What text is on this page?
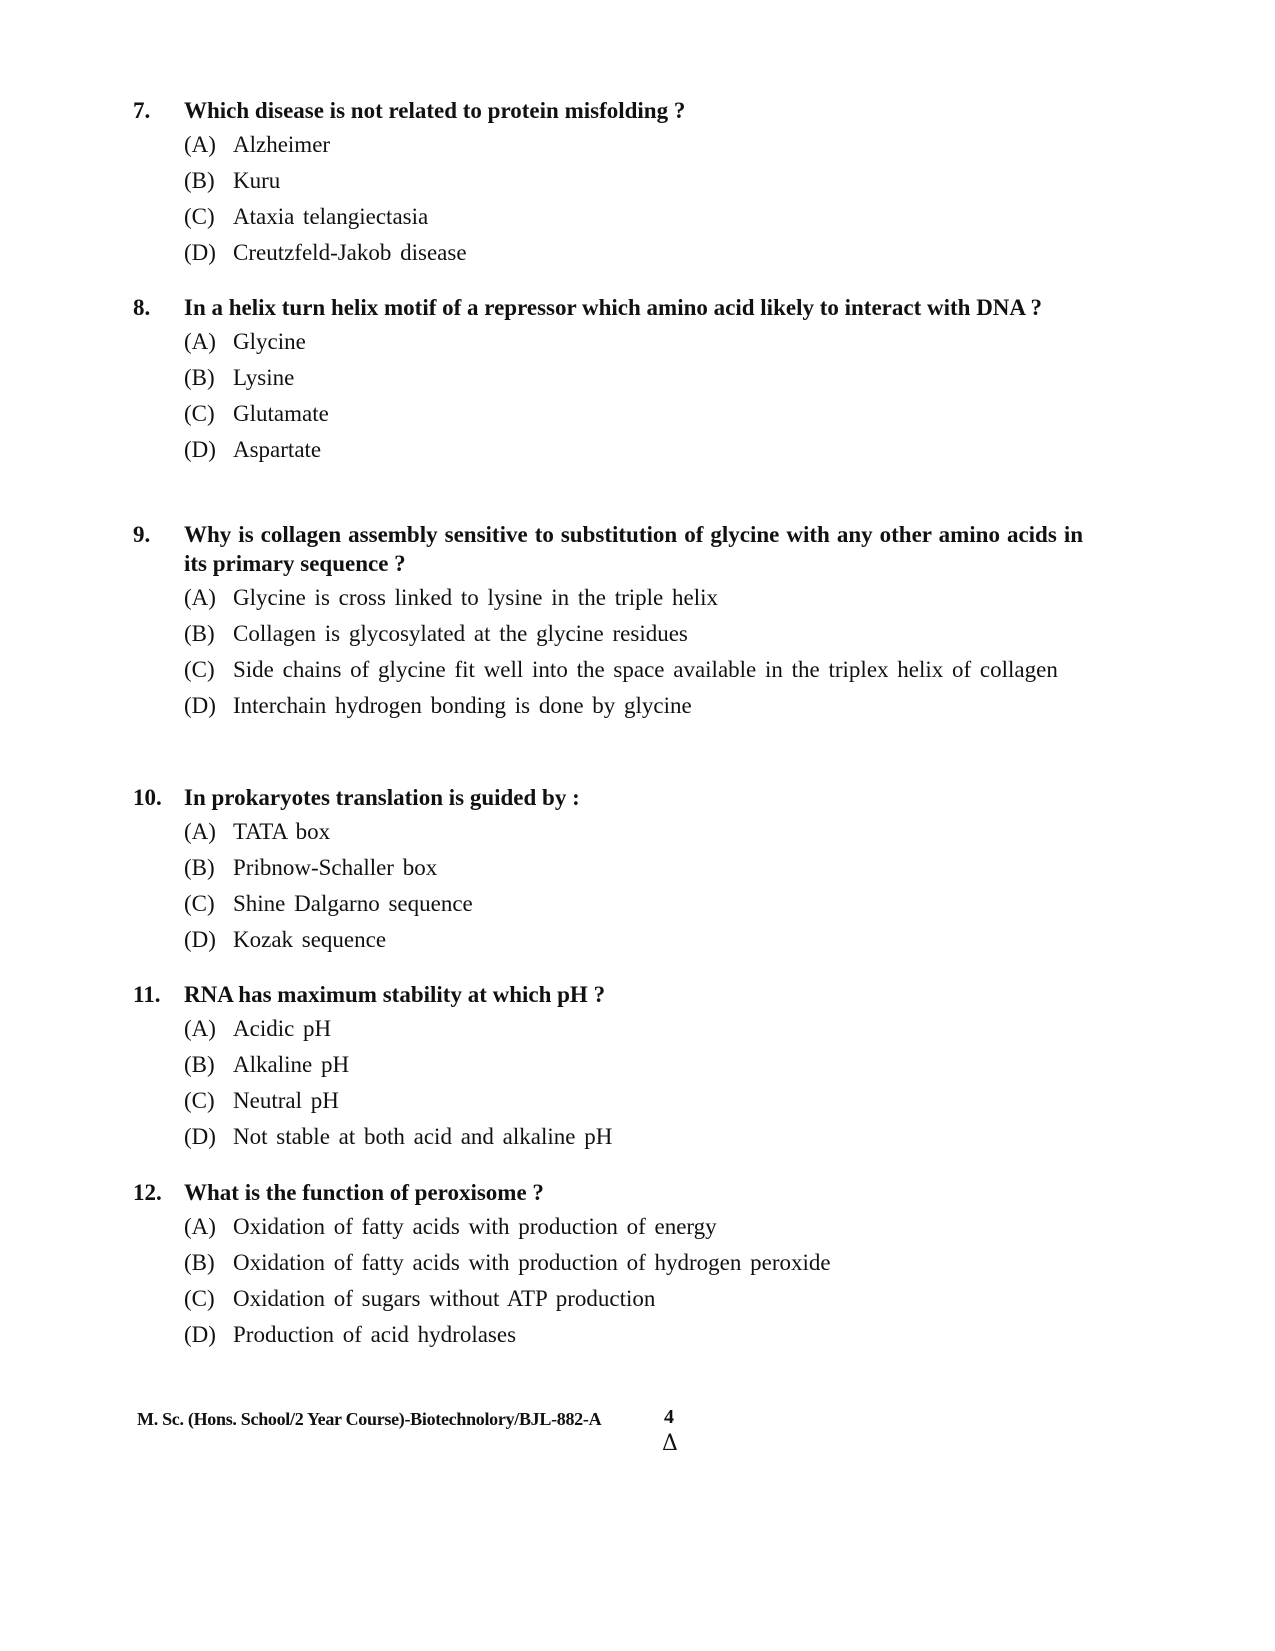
7.	Which disease is not related to protein misfolding ?
(A) Alzheimer
(B) Kuru
(C) Ataxia telangiectasia
(D) Creutzfeld-Jakob disease
8.	In a helix turn helix motif of a repressor which amino acid likely to interact with DNA ?
(A) Glycine
(B) Lysine
(C) Glutamate
(D) Aspartate
9.	Why is collagen assembly sensitive to substitution of glycine with any other amino acids in its primary sequence ?
(A) Glycine is cross linked to lysine in the triple helix
(B) Collagen is glycosylated at the glycine residues
(C) Side chains of glycine fit well into the space available in the triplex helix of collagen
(D) Interchain hydrogen bonding is done by glycine
10. In prokaryotes translation is guided by :
(A) TATA box
(B) Pribnow-Schaller box
(C) Shine Dalgarno sequence
(D) Kozak sequence
11.	RNA has maximum stability at which pH ?
(A) Acidic pH
(B) Alkaline pH
(C) Neutral pH
(D) Not stable at both acid and alkaline pH
12. What is the function of peroxisome ?
(A) Oxidation of fatty acids with production of energy
(B) Oxidation of fatty acids with production of hydrogen peroxide
(C) Oxidation of sugars without ATP production
(D) Production of acid hydrolases
M. Sc. (Hons. School/2 Year Course)-Biotechnolory/BJL-882-A	4
Δ
